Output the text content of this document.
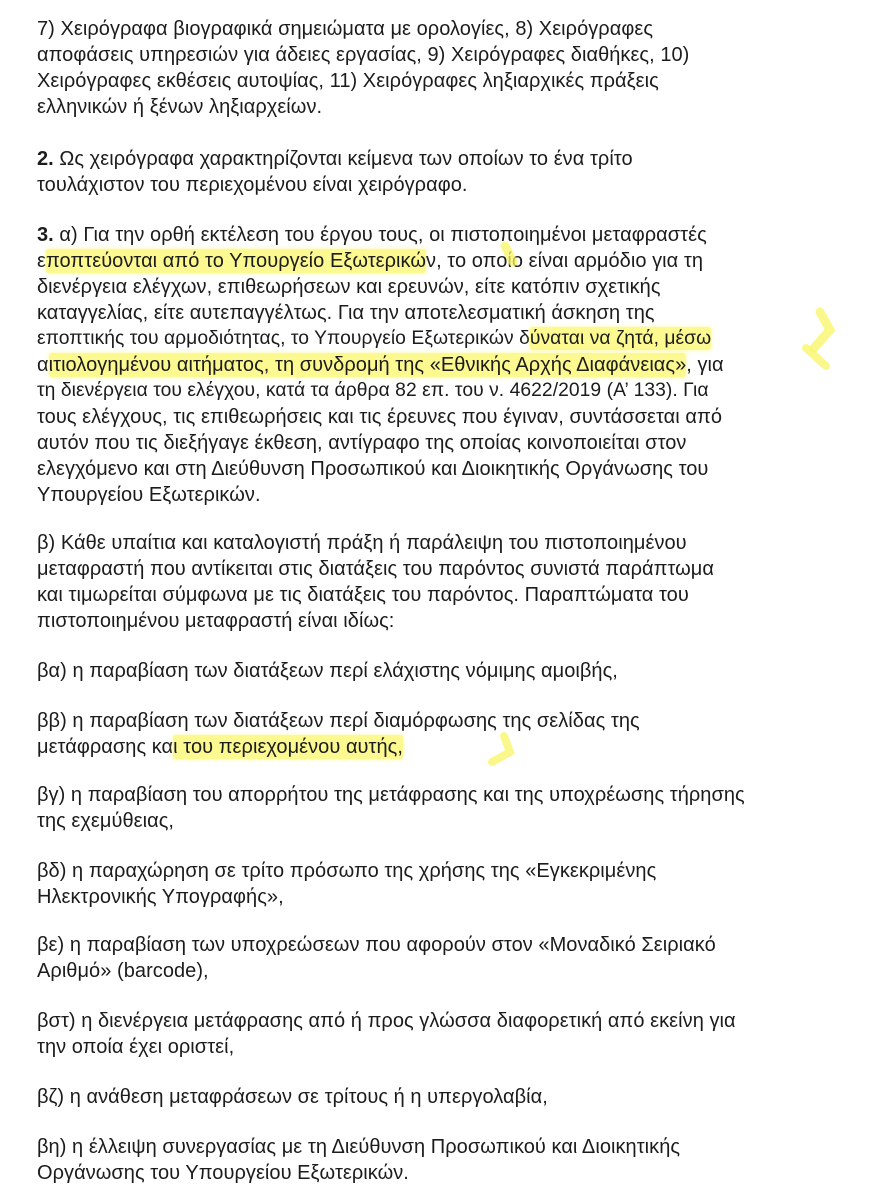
7) Χειρόγραφα βιογραφικά σημειώματα με ορολογίες, 8) Χειρόγραφες

αποφάσεις υπηρεσιών για άδειες εργασίας, 9) Χειρόγραφες διαθήκες, 10)

Χειρόγραφες εκθέσεις αυτοψίας, 11) Χειρόγραφες ληξιαρχικές πράξεις

ελληνικών ή ξένων ληξιαρχείων.

2. Ως χειρόγραφα χαρακτηρίζονται κείμενα των οποίων το ένα τρίτο

τουλάχιστον του περιεχομένου είναι χειρόγραφο.

3. α) Για την ορθή εκτέλεση του έργου τους, οι πιστοποιημένοι μεταφραστές

εποπτεύονται από το Υπουργείο Εξωτερικών, το οποίο είναι αρμόδιο για τη

διενέργεια ελέγχων, επιθεωρήσεων και ερευνών, είτε κατόπιν σχετικής

καταγγελίας, είτε αυτεπαγγέλτως. Για την αποτελεσματική άσκηση της

εποπτικής του αρμοδιότητας, το Υπουργείο Εξωτερικών δύναται να ζητά, μέσω

αιτιολογημένου αιτήματος, τη συνδρομή της «Εθνικής Αρχής Διαφάνειας», για

τη διενέργεια του ελέγχου, κατά τα άρθρα 82 επ. του ν. 4622/2019 (Α’ 133). Για

τους ελέγχους, τις επιθεωρήσεις και τις έρευνες που έγιναν, συντάσσεται από

αυτόν που τις διεξήγαγε έκθεση, αντίγραφο της οποίας κοινοποιείται στον

ελεγχόμενο και στη Διεύθυνση Προσωπικού και Διοικητικής Οργάνωσης του

Υπουργείου Εξωτερικών.

β) Κάθε υπαίτια και καταλογιστή πράξη ή παράλειψη του πιστοποιημένου

μεταφραστή που αντίκειται στις διατάξεις του παρόντος συνιστά παράπτωμα

και τιμωρείται σύμφωνα με τις διατάξεις του παρόντος. Παραπτώματα του

πιστοποιημένου μεταφραστή είναι ιδίως:

βα) η παραβίαση των διατάξεων περί ελάχιστης νόμιμης αμοιβής,

ββ) η παραβίαση των διατάξεων περί διαμόρφωσης της σελίδας της

μετάφρασης και του περιεχομένου αυτής,

βγ) η παραβίαση του απορρήτου της μετάφρασης και της υποχρέωσης τήρησης

της εχεμύθειας,

βδ) η παραχώρηση σε τρίτο πρόσωπο της χρήσης της «Εγκεκριμένης

Ηλεκτρονικής Υπογραφής»,

βε) η παραβίαση των υποχρεώσεων που αφορούν στον «Μοναδικό Σειριακό

Αριθμό» (barcode),

βστ) η διενέργεια μετάφρασης από ή προς γλώσσα διαφορετική από εκείνη για

την οποία έχει οριστεί,

βζ) η ανάθεση μεταφράσεων σε τρίτους ή η υπεργολαβία,

βη) η έλλειψη συνεργασίας με τη Διεύθυνση Προσωπικού και Διοικητικής

Οργάνωσης του Υπουργείου Εξωτερικών.
